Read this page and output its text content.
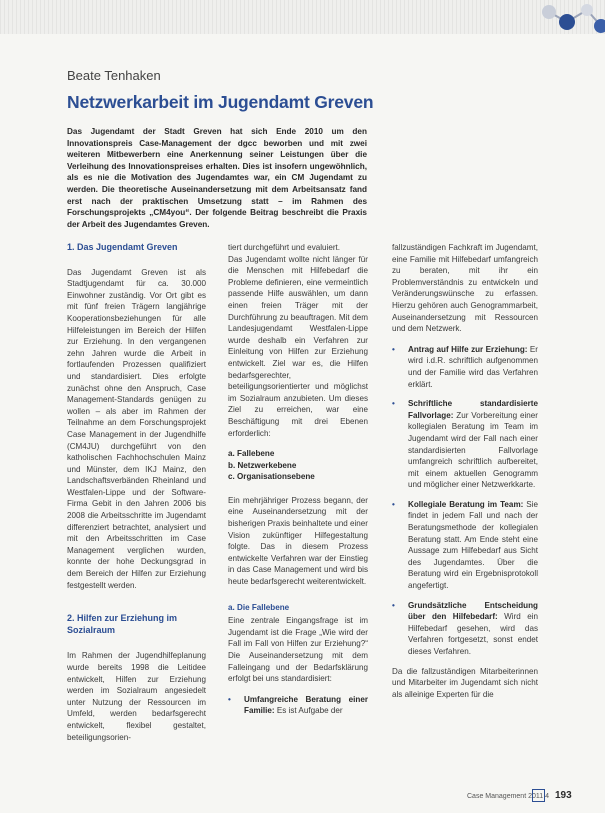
Beate Tenhaken
Netzwerkarbeit im Jugendamt Greven
Das Jugendamt der Stadt Greven hat sich Ende 2010 um den Innovationspreis Case-Management der dgcc beworben und mit zwei weiteren Mitbewerbern eine Anerkennung seiner Leistungen über die Verleihung des Innovationspreises erhalten. Dies ist insofern ungewöhnlich, als es nie die Motivation des Jugendamtes war, ein CM Jugendamt zu werden. Die theoretische Auseinandersetzung mit dem Arbeitsansatz fand erst nach der praktischen Umsetzung statt – im Rahmen des Forschungsprojekts „CM4you“. Der folgende Beitrag beschreibt die Praxis der Arbeit des Jugendamtes Greven.
1. Das Jugendamt Greven

Das Jugendamt Greven ist als Stadtjugendamt für ca. 30.000 Einwohner zuständig. Vor Ort gibt es mit fünf freien Trägern langjährige Kooperationsbeziehungen für alle Hilfeleistungen im Bereich der Hilfen zur Erziehung. In den vergangenen zehn Jahren wurde die Arbeit in fortlaufenden Prozessen qualifiziert und standardisiert. Dies erfolgte zunächst ohne den Anspruch, Case Management-Standards genügen zu wollen – als aber im Rahmen der Teilnahme an dem Forschungsprojekt Case Management in der Jugendhilfe (CM4JU) durchgeführt von den katholischen Fachhochschulen Mainz und Münster, dem IKJ Mainz, den Landschaftsverbänden Rheinland und Westfalen-Lippe und der Software-Firma Gebit in den Jahren 2006 bis 2008 die Arbeitsschritte im Jugendamt differenziert betrachtet, analysiert und mit den Arbeitsschritten im Case Management verglichen wurden, konnte der hohe Deckungsgrad in dem Bereich der Hilfen zur Erziehung festgestellt werden.

2. Hilfen zur Erziehung im Sozialraum

Im Rahmen der Jugendhilfeplanung wurde bereits 1998 die Leitidee entwickelt, Hilfen zur Erziehung werden im Sozialraum angesiedelt unter Nutzung der Ressourcen im Umfeld, werden bedarfsgerecht entwickelt, flexibel gestaltet, beteiligungsorien-

tiert durchgeführt und evaluiert.

Das Jugendamt wollte nicht länger für die Menschen mit Hilfebedarf die Probleme definieren, eine vermeintlich passende Hilfe auswählen, um dann einen freien Träger mit der Durchführung zu beauftragen. Mit dem Landesjugendamt Westfalen-Lippe wurde deshalb ein Verfahren zur Einleitung von Hilfen zur Erziehung entwickelt. Ziel war es, die Hilfen bedarfsgerechter, beteiligungsorientierter und möglichst im Sozialraum anzubieten. Um dieses Ziel zu erreichen, war eine Beschäftigung mit drei Ebenen erforderlich:

a. Fallebene
b. Netzwerkebene
c. Organisationsebene

Ein mehrjähriger Prozess begann, der eine Auseinandersetzung mit der bisherigen Praxis beinhaltete und einer Vision zukünftiger Hilfegestaltung folgte. Das in diesem Prozess entwickelte Verfahren war der Einstieg in das Case Management und wird bis heute bedarfsgerecht weiterentwickelt.

a. Die Fallebene

Eine zentrale Eingangsfrage ist im Jugendamt ist die Frage „Wie wird der Fall im Fall von Hilfen zur Erziehung?“ Die Auseinandersetzung mit dem Falleingang und der Bedarfsklärung erfolgt bei uns standardisiert:

• Umfangreiche Beratung einer Familie: Es ist Aufgabe der

fallzuständigen Fachkraft im Jugendamt, eine Familie mit Hilfebedarf umfangreich zu beraten, mit ihr ein Problemverständnis zu entwickeln und Veränderungswünsche zu erfassen. Hierzu gehören auch Genogrammarbeit, Auseinandersetzung mit Ressourcen und dem Netzwerk.

• Antrag auf Hilfe zur Erziehung: Er wird i.d.R. schriftlich aufgenommen und der Familie wird das Verfahren erklärt.
• Schriftliche standardisierte Fallvorlage: Zur Vorbereitung einer kollegialen Beratung im Team im Jugendamt wird der Fall nach einer standardisierten Fallvorlage umfangreich schriftlich aufbereitet, mit einem aktuellen Genogramm und möglicher einer Netzwerkkarte.
• Kollegiale Beratung im Team: Sie findet in jedem Fall und nach der Beratungsmethode der kollegialen Beratung statt. Am Ende steht eine Aussage zum Hilfebedarf aus Sicht des Jugendamtes. Über die Beratung wird ein Ergebnisprotokoll angefertigt.
• Grundsätzliche Entscheidung über den Hilfebedarf: Wird ein Hilfebedarf gesehen, wird das Verfahren fortgesetzt, sonst endet dieses Verfahren.

Da die fallzuständigen Mitarbeiterinnen und Mitarbeiter im Jugendamt sich nicht als alleinige Experten für die

Case Management 2011 4 193
